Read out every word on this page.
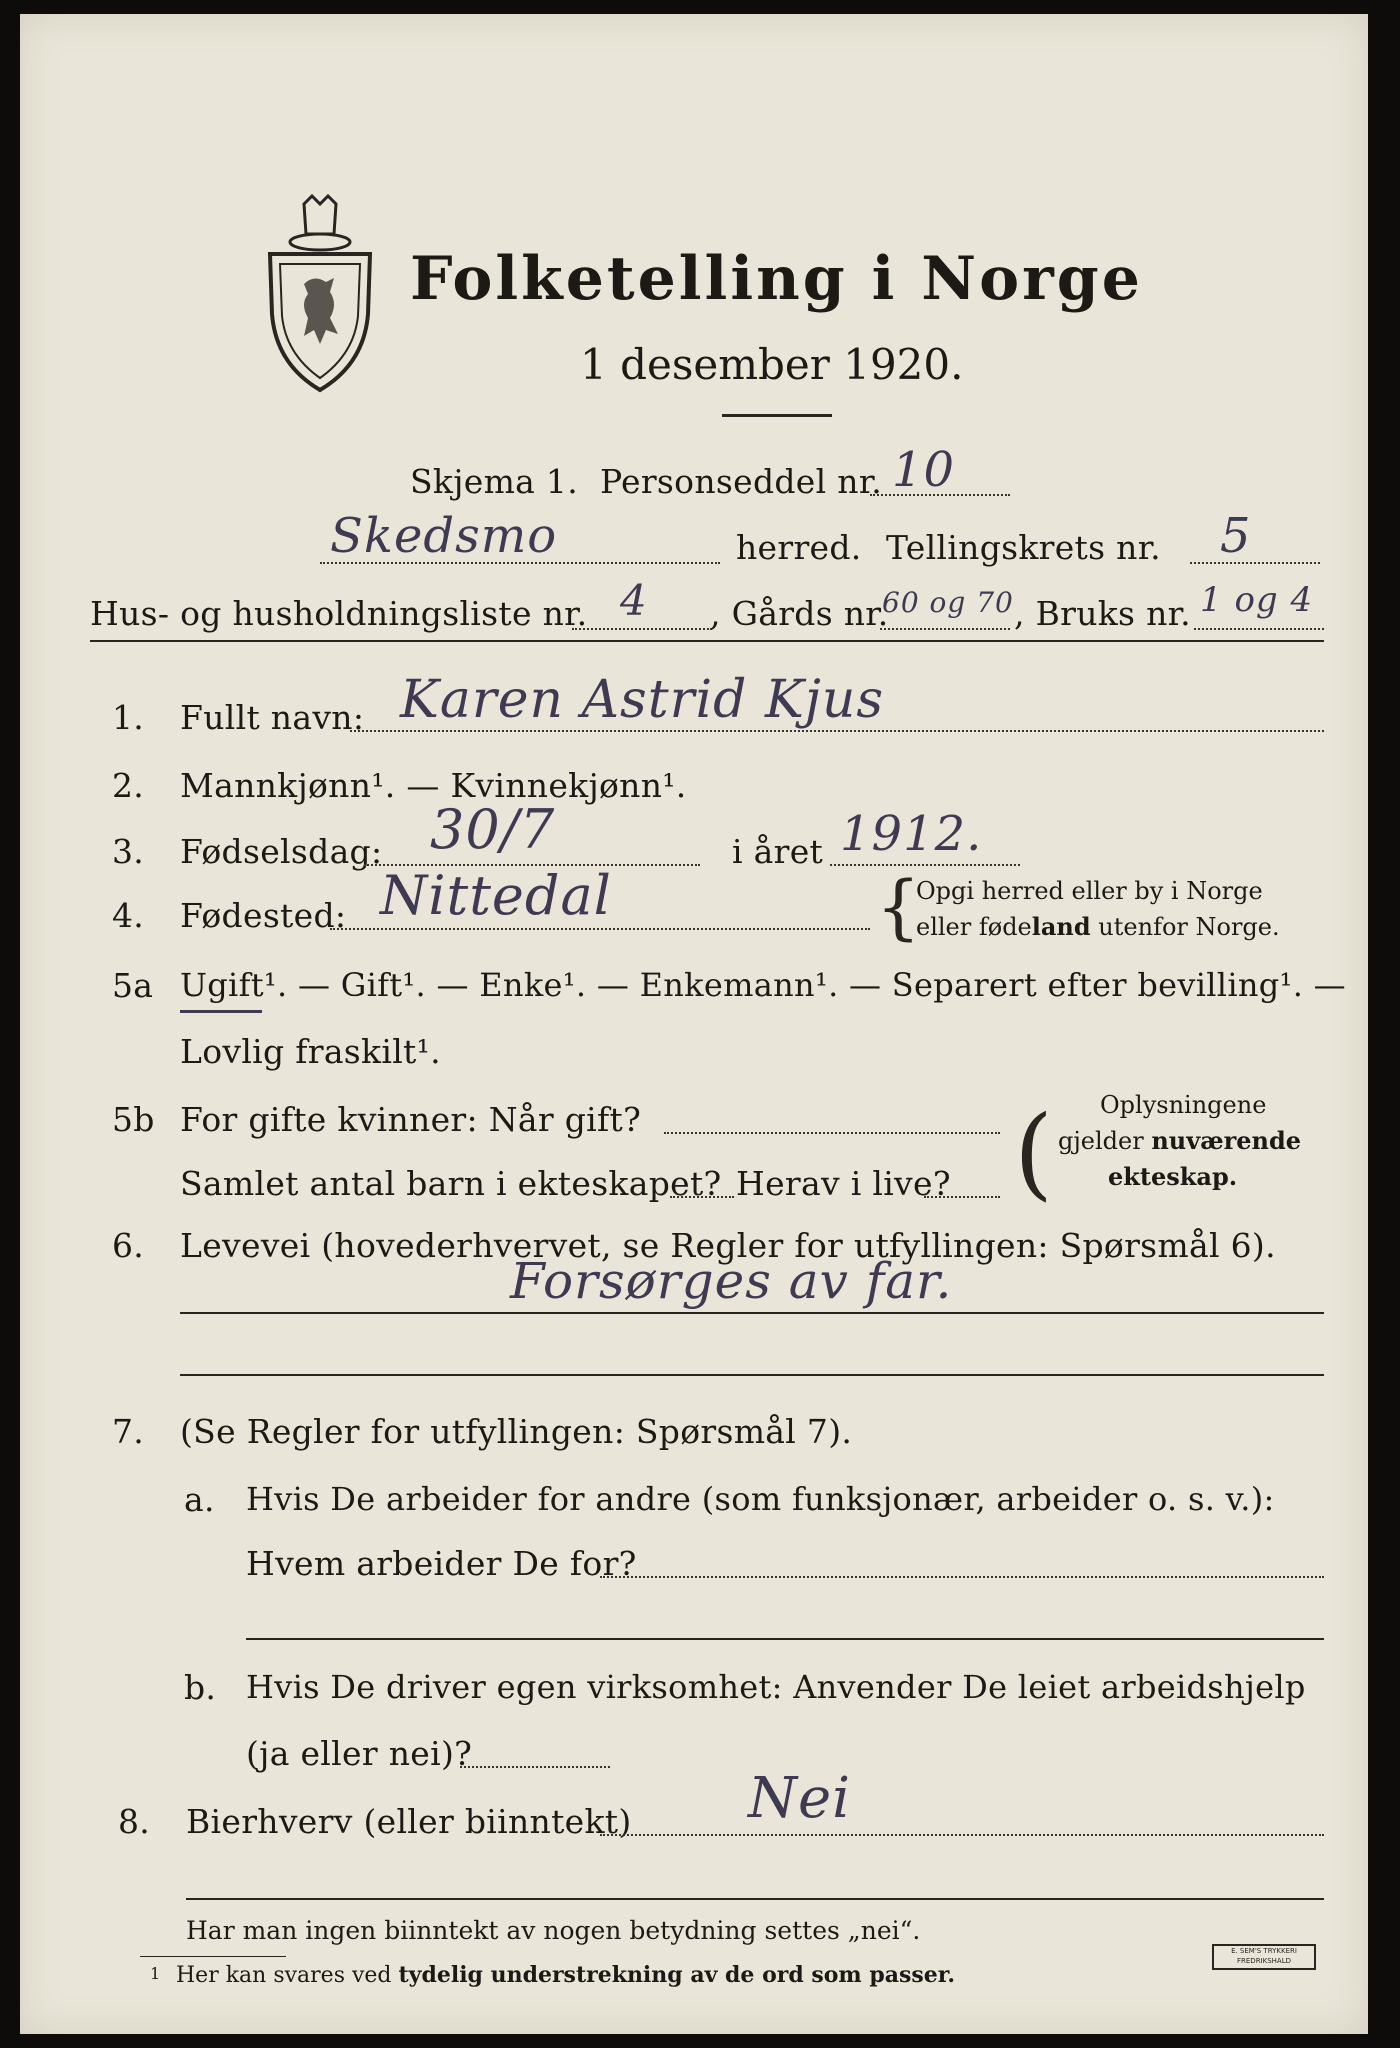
Folketelling i Norge
1 desember 1920.
Skjema 1. Personseddel nr. 10
Skedsmo	herred. Tellingskrets nr. 5
Hus- og husholdningsliste nr. 4 , Gårds nr.
60 og 70 , Bruks nr. 1 og 4
1. Fullt navn: Karen Astrid Kjus
2. Mannkjønn¹. — Kvinnekjønn¹.
3. Fødselsdag: 30/7	i året 1912.
4. Fødested: Nittedal	{
Opgi herred eller by i Norge
eller fødeland utenfor Norge.
5a Ugift¹. — Gift¹. — Enke¹. — Enkemann¹. — Separert efter bevilling¹. —
Lovlig fraskilt¹.
5b For gifte kvinner: Når gift?
Samlet antal barn i ekteskapet? Herav i live? ( Oplysningene
gjelder nuværende
ekteskap.
6. Levevei (hovederhvervet, se Regler for utfyllingen: Spørsmål 6).
Forsørges av far.
7. (Se Regler for utfyllingen: Spørsmål 7).
a. Hvis De arbeider for andre (som funksjonær, arbeider o. s. v.):
Hvem arbeider De for?
b. Hvis De driver egen virksomhet: Anvender De leiet arbeidshjelp
(ja eller nei)?
8. Bierhverv (eller biinntekt) Nei
Har man ingen biinntekt av nogen betydning settes „nei“.
1 Her kan svares ved tydelig understrekning av de ord som passer.
E. SEM'S TRYKKERI
FREDRIKSHALD
